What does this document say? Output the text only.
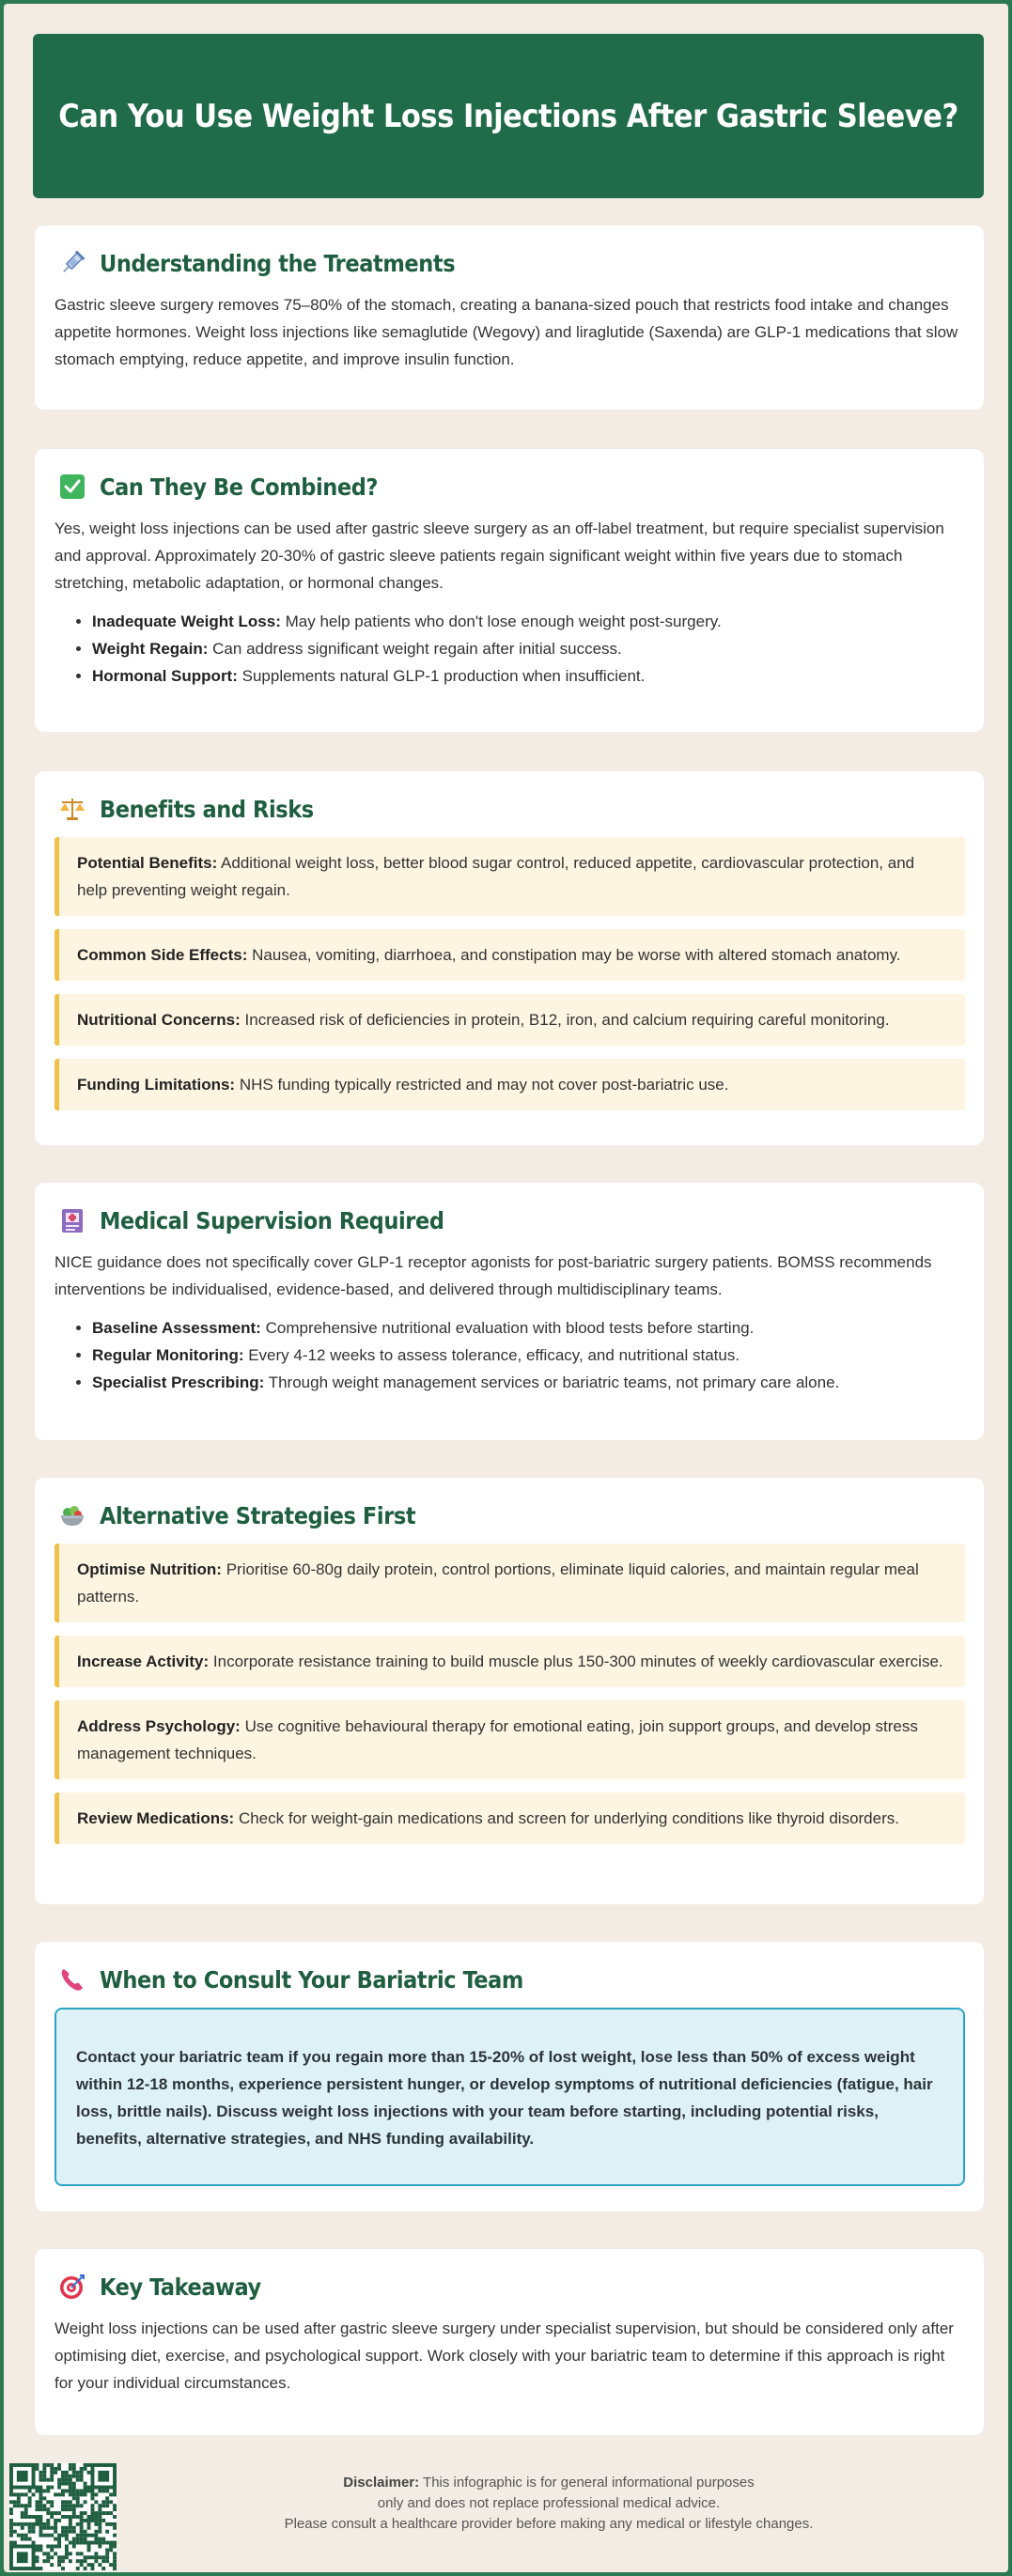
Can You Use Weight Loss Injections After Gastric Sleeve?
Understanding the Treatments

Gastric sleeve surgery removes 75–80% of the stomach, creating a banana-sized pouch that restricts food intake and changes appetite hormones. Weight loss injections like semaglutide (Wegovy) and liraglutide (Saxenda) are GLP-1 medications that slow stomach emptying, reduce appetite, and improve insulin function.

Can They Be Combined?

Yes, weight loss injections can be used after gastric sleeve surgery as an off-label treatment, but require specialist supervision and approval. Approximately 20-30% of gastric sleeve patients regain significant weight within five years due to stomach stretching, metabolic adaptation, or hormonal changes.

• Inadequate Weight Loss: May help patients who don't lose enough weight post-surgery.
• Weight Regain: Can address significant weight regain after initial success.
• Hormonal Support: Supplements natural GLP-1 production when insufficient.
Benefits and Risks
Potential Benefits: Additional weight loss, better blood sugar control, reduced appetite, cardiovascular protection, and help preventing weight regain.
Common Side Effects: Nausea, vomiting, diarrhoea, and constipation may be worse with altered stomach anatomy.
Nutritional Concerns: Increased risk of deficiencies in protein, B12, iron, and calcium requiring careful monitoring.
Funding Limitations: NHS funding typically restricted and may not cover post-bariatric use.
Medical Supervision Required

NICE guidance does not specifically cover GLP-1 receptor agonists for post-bariatric surgery patients. BOMSS recommends interventions be individualised, evidence-based, and delivered through multidisciplinary teams.

• Baseline Assessment: Comprehensive nutritional evaluation with blood tests before starting.
• Regular Monitoring: Every 4-12 weeks to assess tolerance, efficacy, and nutritional status.
• Specialist Prescribing: Through weight management services or bariatric teams, not primary care alone.
Alternative Strategies First
Optimise Nutrition: Prioritise 60-80g daily protein, control portions, eliminate liquid calories, and maintain regular meal patterns.
Increase Activity: Incorporate resistance training to build muscle plus 150-300 minutes of weekly cardiovascular exercise.
Address Psychology: Use cognitive behavioural therapy for emotional eating, join support groups, and develop stress management techniques.
Review Medications: Check for weight-gain medications and screen for underlying conditions like thyroid disorders.
When to Consult Your Bariatric Team
Contact your bariatric team if you regain more than 15-20% of lost weight, lose less than 50% of excess weight within 12-18 months, experience persistent hunger, or develop symptoms of nutritional deficiencies (fatigue, hair loss, brittle nails). Discuss weight loss injections with your team before starting, including potential risks, benefits, alternative strategies, and NHS funding availability.
Key Takeaway

Weight loss injections can be used after gastric sleeve surgery under specialist supervision, but should be considered only after optimising diet, exercise, and psychological support. Work closely with your bariatric team to determine if this approach is right for your individual circumstances.

Disclaimer: This infographic is for general informational purposes
only and does not replace professional medical advice.
Please consult a healthcare provider before making any medical or lifestyle changes.
